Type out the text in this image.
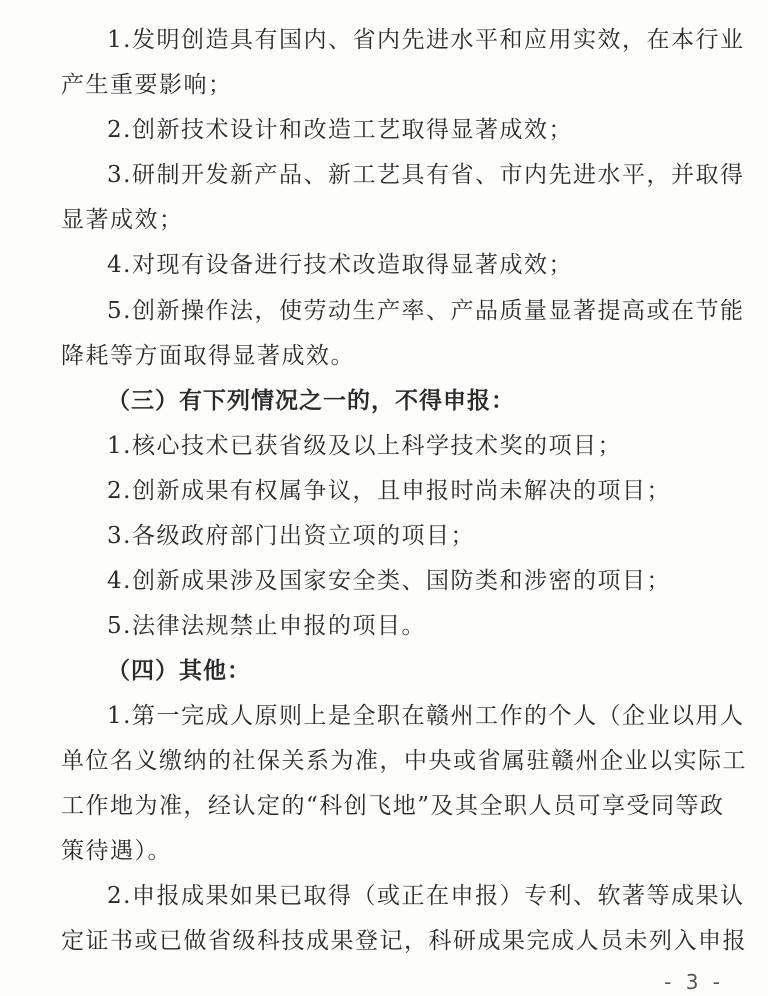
1.发明创造具有国内、省内先进水平和应用实效，在本行业
产生重要影响；
2.创新技术设计和改造工艺取得显著成效；
3.研制开发新产品、新工艺具有省、市内先进水平，并取得
显著成效；
4.对现有设备进行技术改造取得显著成效；
5.创新操作法，使劳动生产率、产品质量显著提高或在节能
降耗等方面取得显著成效。
（三）有下列情况之一的，不得申报：
1.核心技术已获省级及以上科学技术奖的项目；
2.创新成果有权属争议，且申报时尚未解决的项目；
3.各级政府部门出资立项的项目；
4.创新成果涉及国家安全类、国防类和涉密的项目；
5.法律法规禁止申报的项目。
（四）其他：
1.第一完成人原则上是全职在赣州工作的个人（企业以用人
单位名义缴纳的社保关系为准，中央或省属驻赣州企业以实际工
工作地为准，经认定的“科创飞地”及其全职人员可享受同等政
策待遇）。
2.申报成果如果已取得（或正在申报）专利、软著等成果认
定证书或已做省级科技成果登记，科研成果完成人员未列入申报
- 3 -
